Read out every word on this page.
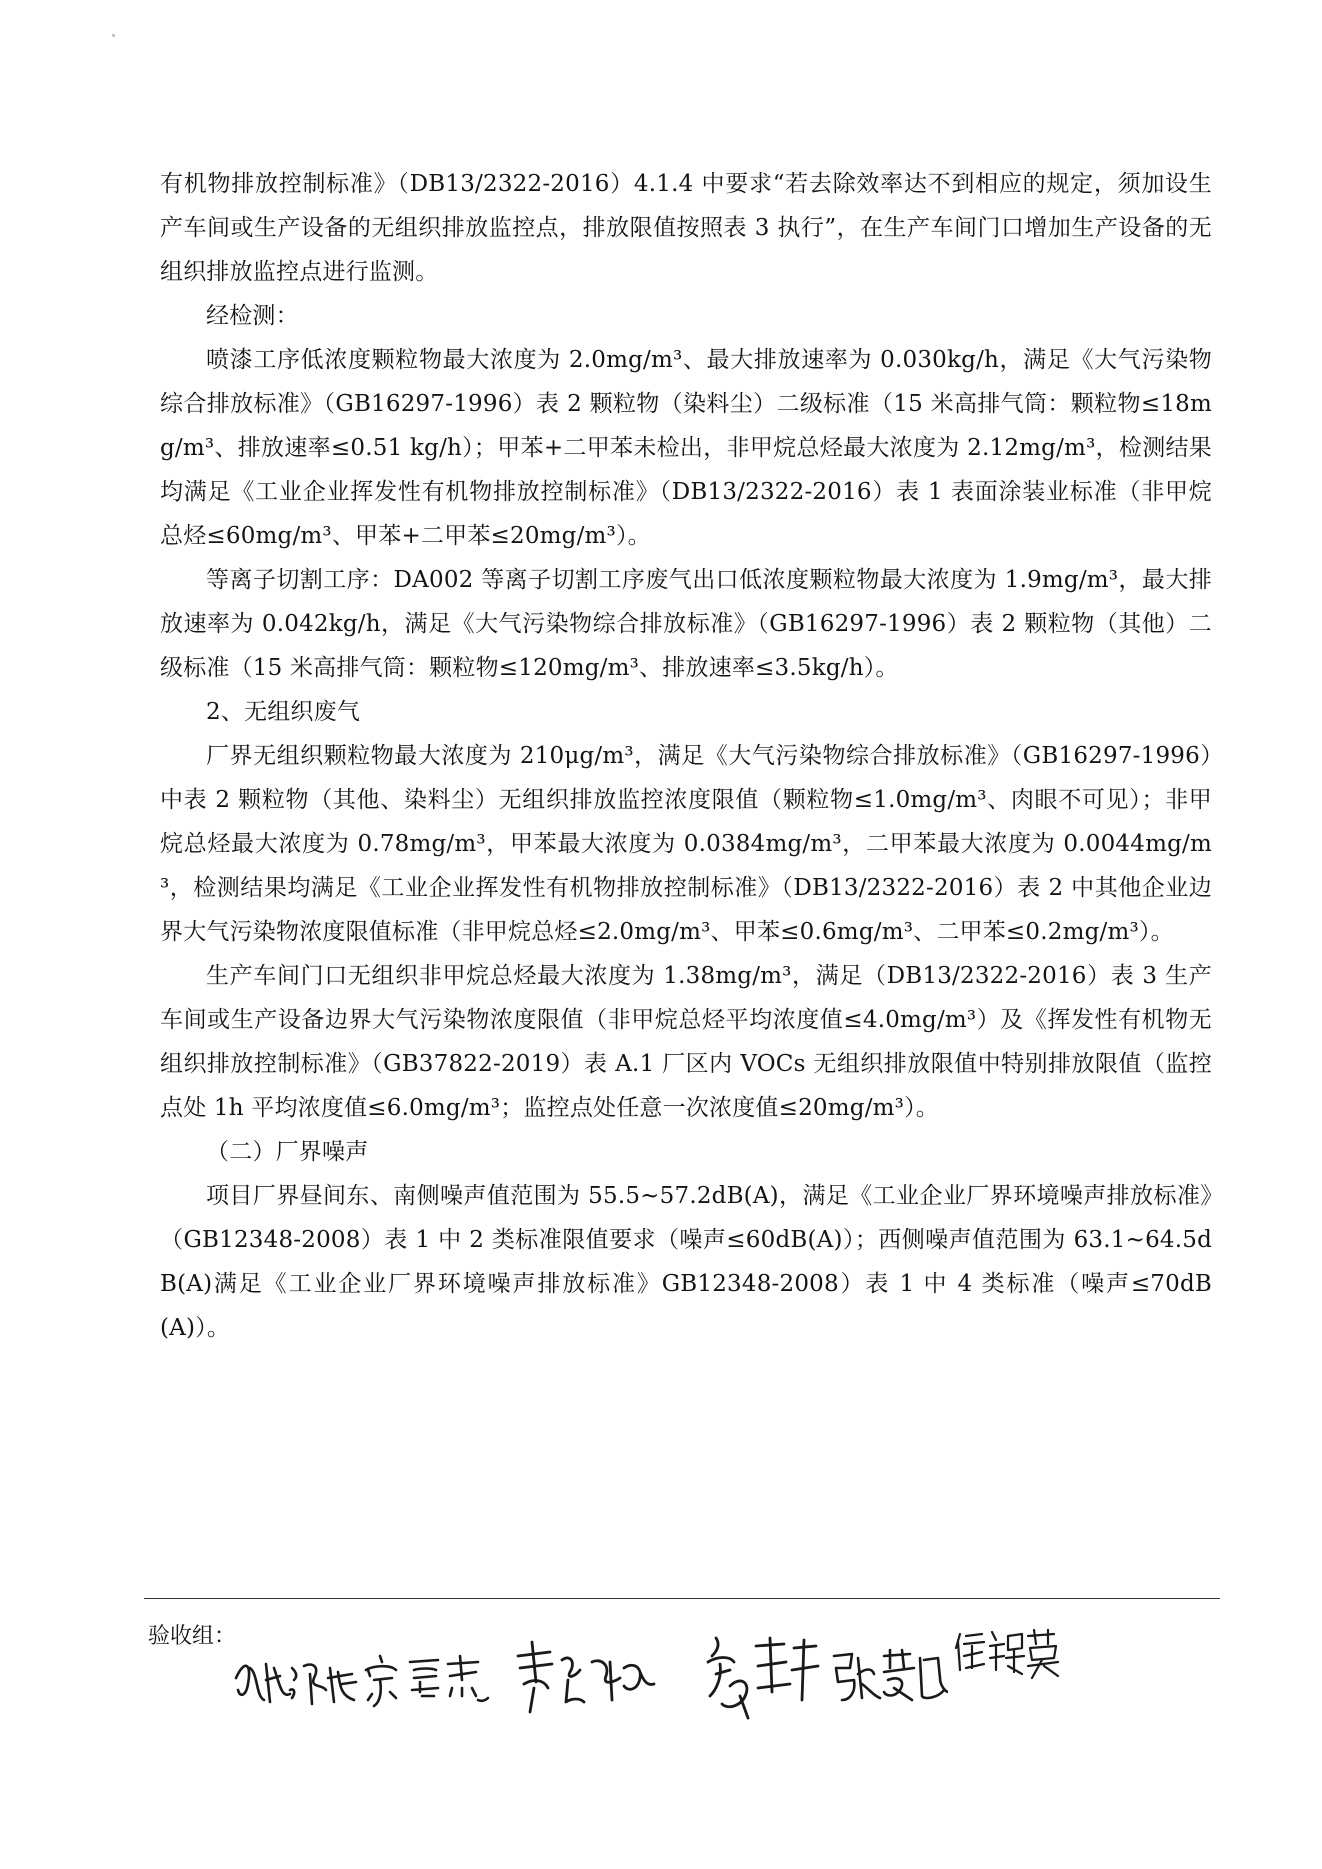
有机物排放控制标准》（DB13/2322-2016）4.1.4 中要求“若去除效率达不到相应的规定，须加设生产车间或生产设备的无组织排放监控点，排放限值按照表 3 执行”，在生产车间门口增加生产设备的无组织排放监控点进行监测。

经检测：

喷漆工序低浓度颗粒物最大浓度为 2.0mg/m³、最大排放速率为 0.030kg/h，满足《大气污染物综合排放标准》（GB16297-1996）表 2 颗粒物（染料尘）二级标准（15 米高排气筒：颗粒物≤18mg/m³、排放速率≤0.51 kg/h）；甲苯+二甲苯未检出，非甲烷总烃最大浓度为 2.12mg/m³，检测结果均满足《工业企业挥发性有机物排放控制标准》（DB13/2322-2016）表 1 表面涂装业标准（非甲烷总烃≤60mg/m³、甲苯+二甲苯≤20mg/m³）。

等离子切割工序：DA002 等离子切割工序废气出口低浓度颗粒物最大浓度为 1.9mg/m³，最大排放速率为 0.042kg/h，满足《大气污染物综合排放标准》（GB16297-1996）表 2 颗粒物（其他）二级标准（15 米高排气筒：颗粒物≤120mg/m³、排放速率≤3.5kg/h）。

2、无组织废气

厂界无组织颗粒物最大浓度为 210μg/m³，满足《大气污染物综合排放标准》（GB16297-1996）中表 2 颗粒物（其他、染料尘）无组织排放监控浓度限值（颗粒物≤1.0mg/m³、肉眼不可见）；非甲烷总烃最大浓度为 0.78mg/m³，甲苯最大浓度为 0.0384mg/m³，二甲苯最大浓度为 0.0044mg/m³，检测结果均满足《工业企业挥发性有机物排放控制标准》（DB13/2322-2016）表 2 中其他企业边界大气污染物浓度限值标准（非甲烷总烃≤2.0mg/m³、甲苯≤0.6mg/m³、二甲苯≤0.2mg/m³）。

生产车间门口无组织非甲烷总烃最大浓度为 1.38mg/m³，满足（DB13/2322-2016）表 3 生产车间或生产设备边界大气污染物浓度限值（非甲烷总烃平均浓度值≤4.0mg/m³）及《挥发性有机物无组织排放控制标准》（GB37822-2019）表 A.1 厂区内 VOCs 无组织排放限值中特别排放限值（监控点处 1h 平均浓度值≤6.0mg/m³；监控点处任意一次浓度值≤20mg/m³）。

（二）厂界噪声

项目厂界昼间东、南侧噪声值范围为 55.5~57.2dB(A)，满足《工业企业厂界环境噪声排放标准》（GB12348-2008）表 1 中 2 类标准限值要求（噪声≤60dB(A)）；西侧噪声值范围为 63.1~64.5dB(A)满足《工业企业厂界环境噪声排放标准》GB12348-2008）表 1 中 4 类标准（噪声≤70dB(A)）。

验收组：
